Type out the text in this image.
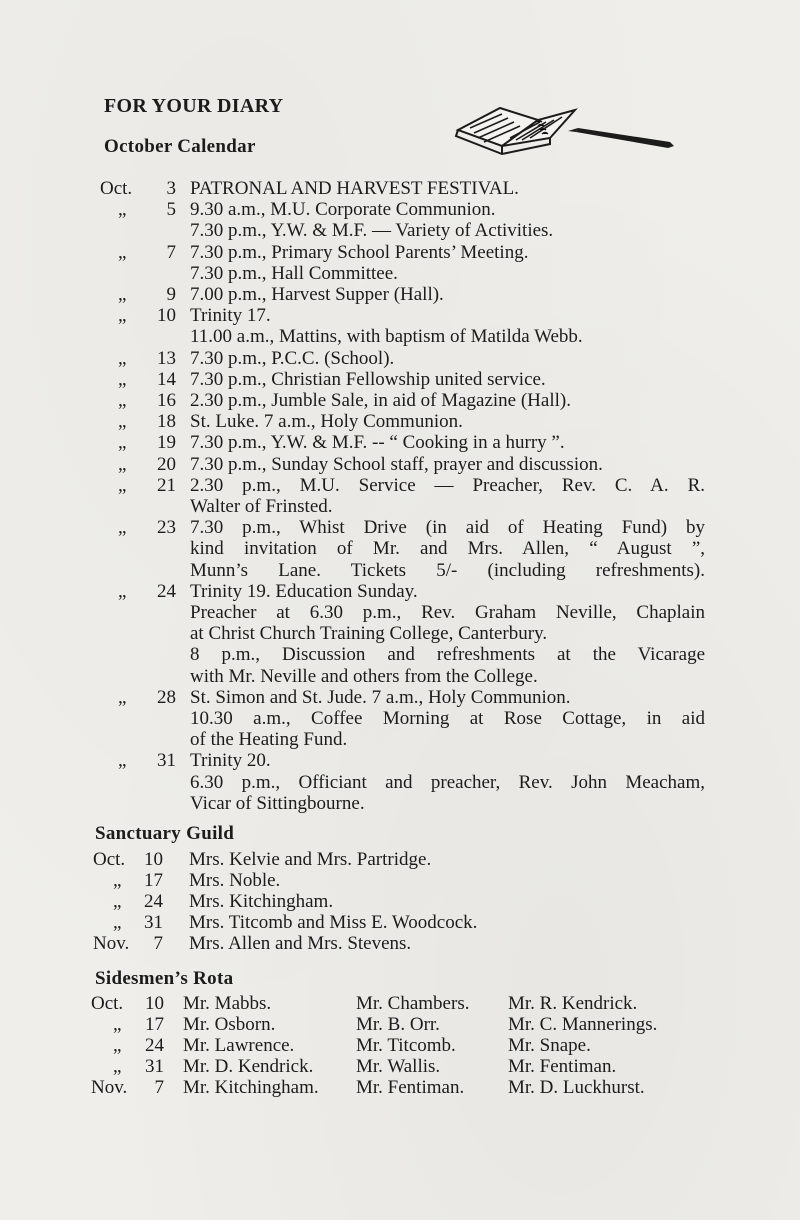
FOR YOUR DIARY
October Calendar
Oct.	3 PATRONAL AND HARVEST FESTIVAL.
„	5 9.30 a.m., M.U. Corporate Communion.
7.30 p.m., Y.W. & M.F. — Variety of Activities.
„	7 7.30 p.m., Primary School Parents’ Meeting.
7.30 p.m., Hall Committee.
„	9 7.00 p.m., Harvest Supper (Hall).
„	10 Trinity 17.
11.00 a.m., Mattins, with baptism of Matilda Webb.
„	13 7.30 p.m., P.C.C. (School).
„	14 7.30 p.m., Christian Fellowship united service.
„	16 2.30 p.m., Jumble Sale, in aid of Magazine (Hall).
„	18 St. Luke. 7 a.m., Holy Communion.
„	19 7.30 p.m., Y.W. & M.F. -- “ Cooking in a hurry ”.
„	20 7.30 p.m., Sunday School staff, prayer and discussion.
„	21 2.30 p.m., M.U. Service — Preacher, Rev. C. A. R.
Walter of Frinsted.
„	23 7.30 p.m., Whist Drive (in aid of Heating Fund) by
kind invitation of Mr. and Mrs. Allen, “ August ”,
Munn’s Lane. Tickets 5/- (including refreshments).
„	24 Trinity 19. Education Sunday.
Preacher at 6.30 p.m., Rev. Graham Neville, Chaplain
at Christ Church Training College, Canterbury.
8 p.m., Discussion and refreshments at the Vicarage
with Mr. Neville and others from the College.
„	28 St. Simon and St. Jude. 7 a.m., Holy Communion.
10.30 a.m., Coffee Morning at Rose Cottage, in aid
of the Heating Fund.
„	31 Trinity 20.
6.30 p.m., Officiant and preacher, Rev. John Meacham,
Vicar of Sittingbourne.
Sanctuary Guild
Oct. 10 Mrs. Kelvie and Mrs. Partridge.
„	17 Mrs. Noble.
„	24 Mrs. Kitchingham.
„	31 Mrs. Titcomb and Miss E. Woodcock.
Nov.	7 Mrs. Allen and Mrs. Stevens.
Sidesmen’s Rota
Oct.	10 Mr. Mabbs.	Mr. Chambers. Mr. R. Kendrick.
„	17 Mr. Osborn.	Mr. B. Orr.	Mr. C. Mannerings.
„	24 Mr. Lawrence.	Mr. Titcomb.	Mr. Snape.
„	31 Mr. D. Kendrick. Mr. Wallis.	Mr. Fentiman.
Nov.	7 Mr. Kitchingham. Mr. Fentiman. Mr. D. Luckhurst.
